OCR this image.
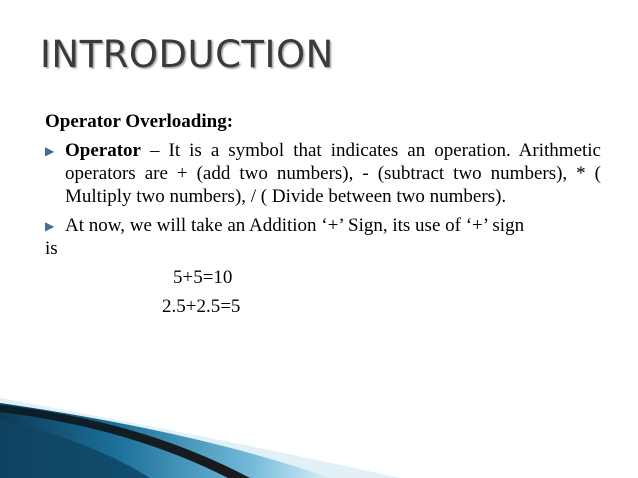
INTRODUCTION
Operator Overloading:
▶ Operator – It is a symbol that indicates an operation. Arithmetic operators are + (add two numbers), - (subtract two numbers), * ( Multiply two numbers), / ( Divide between two numbers).
▶ At now, we will take an Addition ‘+’ Sign, its use of ‘+’ sign
is
5+5=10
2.5+2.5=5
